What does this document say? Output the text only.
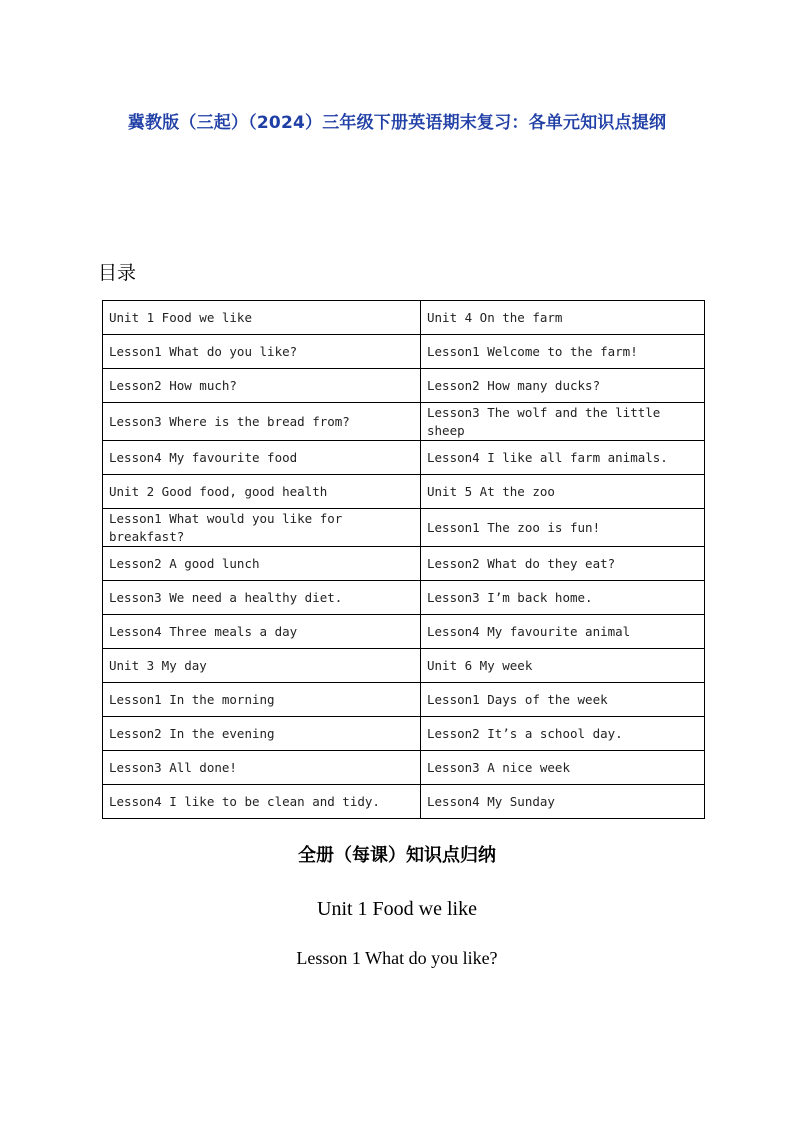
冀教版（三起）（2024）三年级下册英语期末复习：各单元知识点提纲
目录
Unit 1 Food we like	Unit 4 On the farm
Lesson1 What do you like?	Lesson1 Welcome to the farm!
Lesson2 How much?	Lesson2 How many ducks?
Lesson3 Where is the bread from?	Lesson3 The wolf and the little sheep
Lesson4 My favourite food	Lesson4 I like all farm animals.
Unit 2 Good food, good health	Unit 5 At the zoo
Lesson1 What would you like for breakfast?	Lesson1 The zoo is fun!
Lesson2 A good lunch	Lesson2 What do they eat?
Lesson3 We need a healthy diet.	Lesson3 I’m back home.
Lesson4 Three meals a day	Lesson4 My favourite animal
Unit 3 My day	Unit 6 My week
Lesson1 In the morning	Lesson1 Days of the week
Lesson2 In the evening	Lesson2 It’s a school day.
Lesson3 All done!	Lesson3 A nice week
Lesson4 I like to be clean and tidy.	Lesson4 My Sunday
全册（每课）知识点归纳
Unit 1 Food we like
Lesson 1 What do you like?
